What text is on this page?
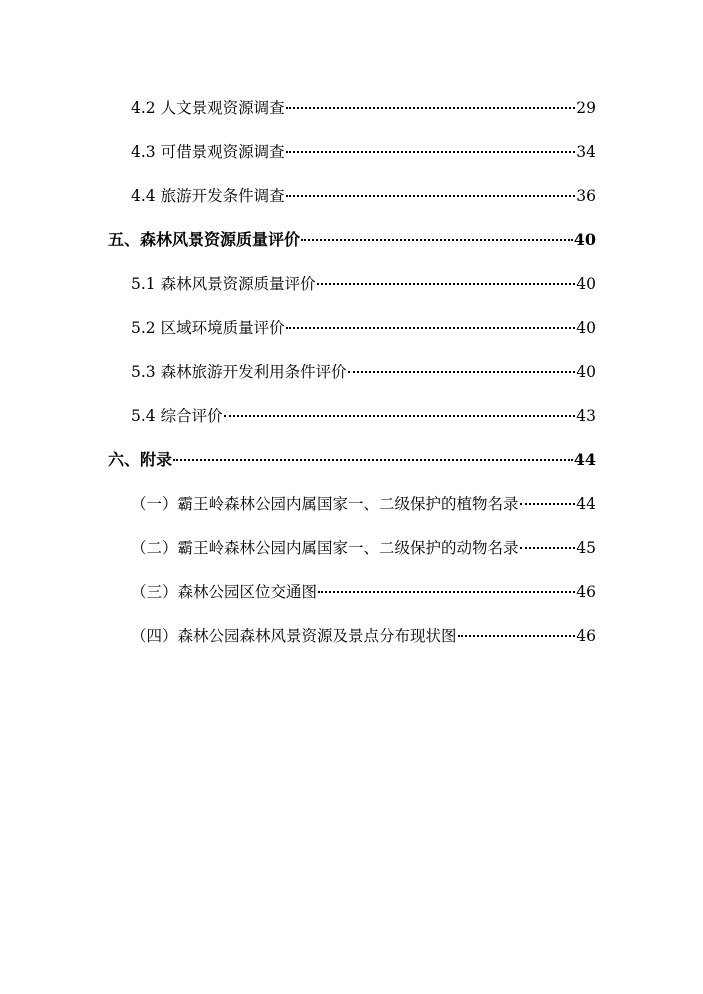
4.2 人文景观资源调查	29
4.3 可借景观资源调查	34
4.4 旅游开发条件调查	36
五、森林风景资源质量评价	40
5.1 森林风景资源质量评价	40
5.2 区域环境质量评价	40
5.3 森林旅游开发利用条件评价	40
5.4 综合评价	43
六、附录	44
（一）霸王岭森林公园内属国家一、二级保护的植物名录	44
（二）霸王岭森林公园内属国家一、二级保护的动物名录	45
（三）森林公园区位交通图	46
（四）森林公园森林风景资源及景点分布现状图	46
